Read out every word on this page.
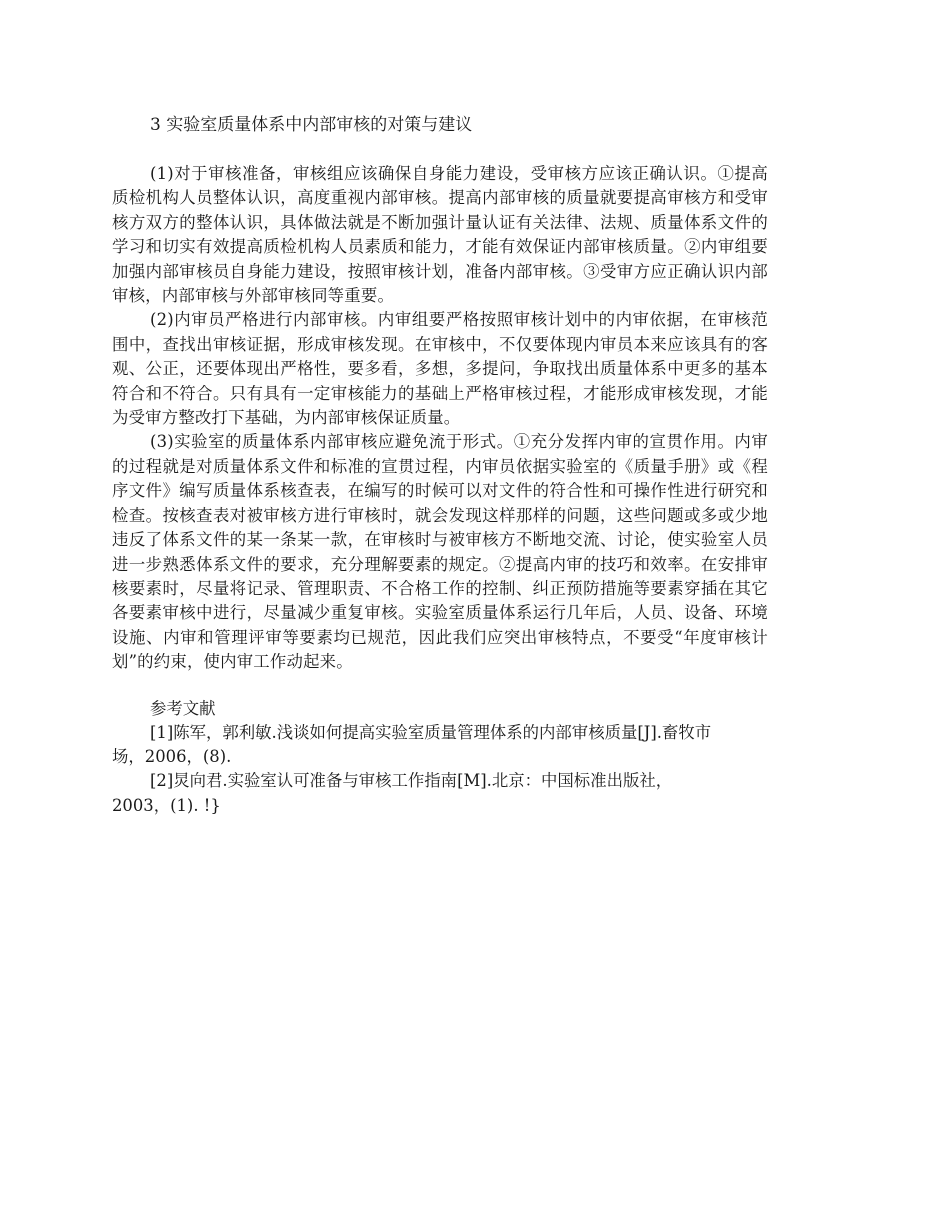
3 实验室质量体系中内部审核的对策与建议

(1)对于审核准备，审核组应该确保自身能力建设，受审核方应该正确认识。①提高质检机构人员整体认识，高度重视内部审核。提高内部审核的质量就要提高审核方和受审核方双方的整体认识，具体做法就是不断加强计量认证有关法律、法规、质量体系文件的学习和切实有效提高质检机构人员素质和能力，才能有效保证内部审核质量。②内审组要加强内部审核员自身能力建设，按照审核计划，准备内部审核。③受审方应正确认识内部审核，内部审核与外部审核同等重要。

(2)内审员严格进行内部审核。内审组要严格按照审核计划中的内审依据，在审核范围中，查找出审核证据，形成审核发现。在审核中，不仅要体现内审员本来应该具有的客观、公正，还要体现出严格性，要多看，多想，多提问，争取找出质量体系中更多的基本符合和不符合。只有具有一定审核能力的基础上严格审核过程，才能形成审核发现，才能为受审方整改打下基础，为内部审核保证质量。

(3)实验室的质量体系内部审核应避免流于形式。①充分发挥内审的宣贯作用。内审的过程就是对质量体系文件和标准的宣贯过程，内审员依据实验室的《质量手册》或《程序文件》编写质量体系核查表，在编写的时候可以对文件的符合性和可操作性进行研究和检查。按核查表对被审核方进行审核时，就会发现这样那样的问题，这些问题或多或少地违反了体系文件的某一条某一款，在审核时与被审核方不断地交流、讨论，使实验室人员进一步熟悉体系文件的要求，充分理解要素的规定。②提高内审的技巧和效率。在安排审核要素时，尽量将记录、管理职责、不合格工作的控制、纠正预防措施等要素穿插在其它各要素审核中进行，尽量减少重复审核。实验室质量体系运行几年后，人员、设备、环境设施、内审和管理评审等要素均已规范，因此我们应突出审核特点，不要受“年度审核计划”的约束，使内审工作动起来。

参考文献

[1]陈军，郭利敏.浅谈如何提高实验室质量管理体系的内部审核质量[J].畜牧市场，2006，(8).

[2]炅向君.实验室认可准备与审核工作指南[M].北京：中国标准出版社，2003，(1). !}
